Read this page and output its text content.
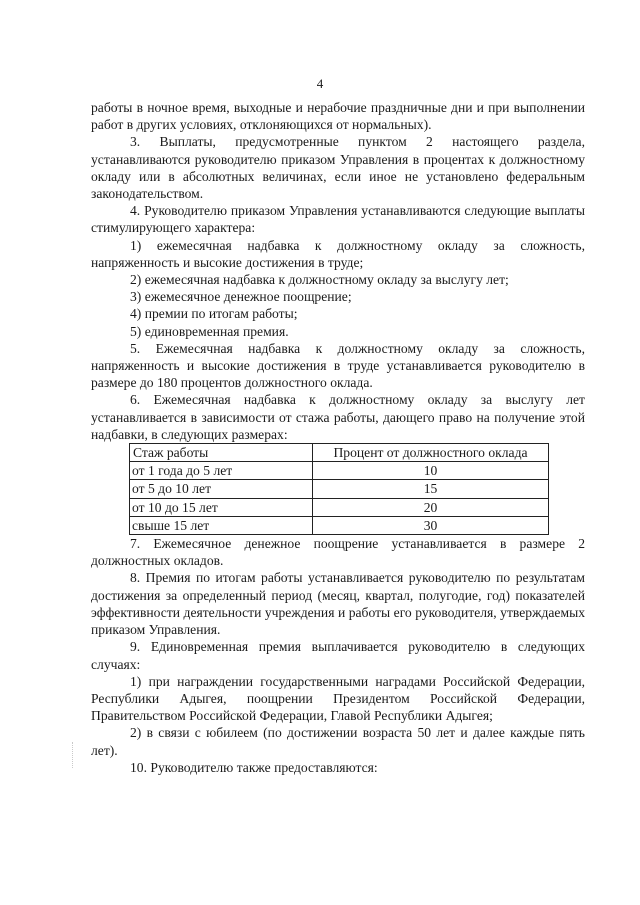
4

работы в ночное время, выходные и нерабочие праздничные дни и при выполнении работ в других условиях, отклоняющихся от нормальных).

3. Выплаты, предусмотренные пунктом 2 настоящего раздела, устанавливаются руководителю приказом Управления в процентах к должностному окладу или в абсолютных величинах, если иное не установлено федеральным законодательством.

4. Руководителю приказом Управления устанавливаются следующие выплаты стимулирующего характера:

1) ежемесячная надбавка к должностному окладу за сложность, напряженность и высокие достижения в труде;

2) ежемесячная надбавка к должностному окладу за выслугу лет;

3) ежемесячное денежное поощрение;

4) премии по итогам работы;

5) единовременная премия.

5. Ежемесячная надбавка к должностному окладу за сложность, напряженность и высокие достижения в труде устанавливается руководителю в размере до 180 процентов должностного оклада.

6. Ежемесячная надбавка к должностному окладу за выслугу лет устанавливается в зависимости от стажа работы, дающего право на получение этой надбавки, в следующих размерах:

Стаж работы	Процент от должностного оклада
от 1 года до 5 лет	10
от 5 до 10 лет	15
от 10 до 15 лет	20
свыше 15 лет	30

7. Ежемесячное денежное поощрение устанавливается в размере 2 должностных окладов.

8. Премия по итогам работы устанавливается руководителю по результатам достижения за определенный период (месяц, квартал, полугодие, год) показателей эффективности деятельности учреждения и работы его руководителя, утверждаемых приказом Управления.

9. Единовременная премия выплачивается руководителю в следующих случаях:

1) при награждении государственными наградами Российской Федерации, Республики Адыгея, поощрении Президентом Российской Федерации, Правительством Российской Федерации, Главой Республики Адыгея;

2) в связи с юбилеем (по достижении возраста 50 лет и далее каждые пять лет).

10. Руководителю также предоставляются:
